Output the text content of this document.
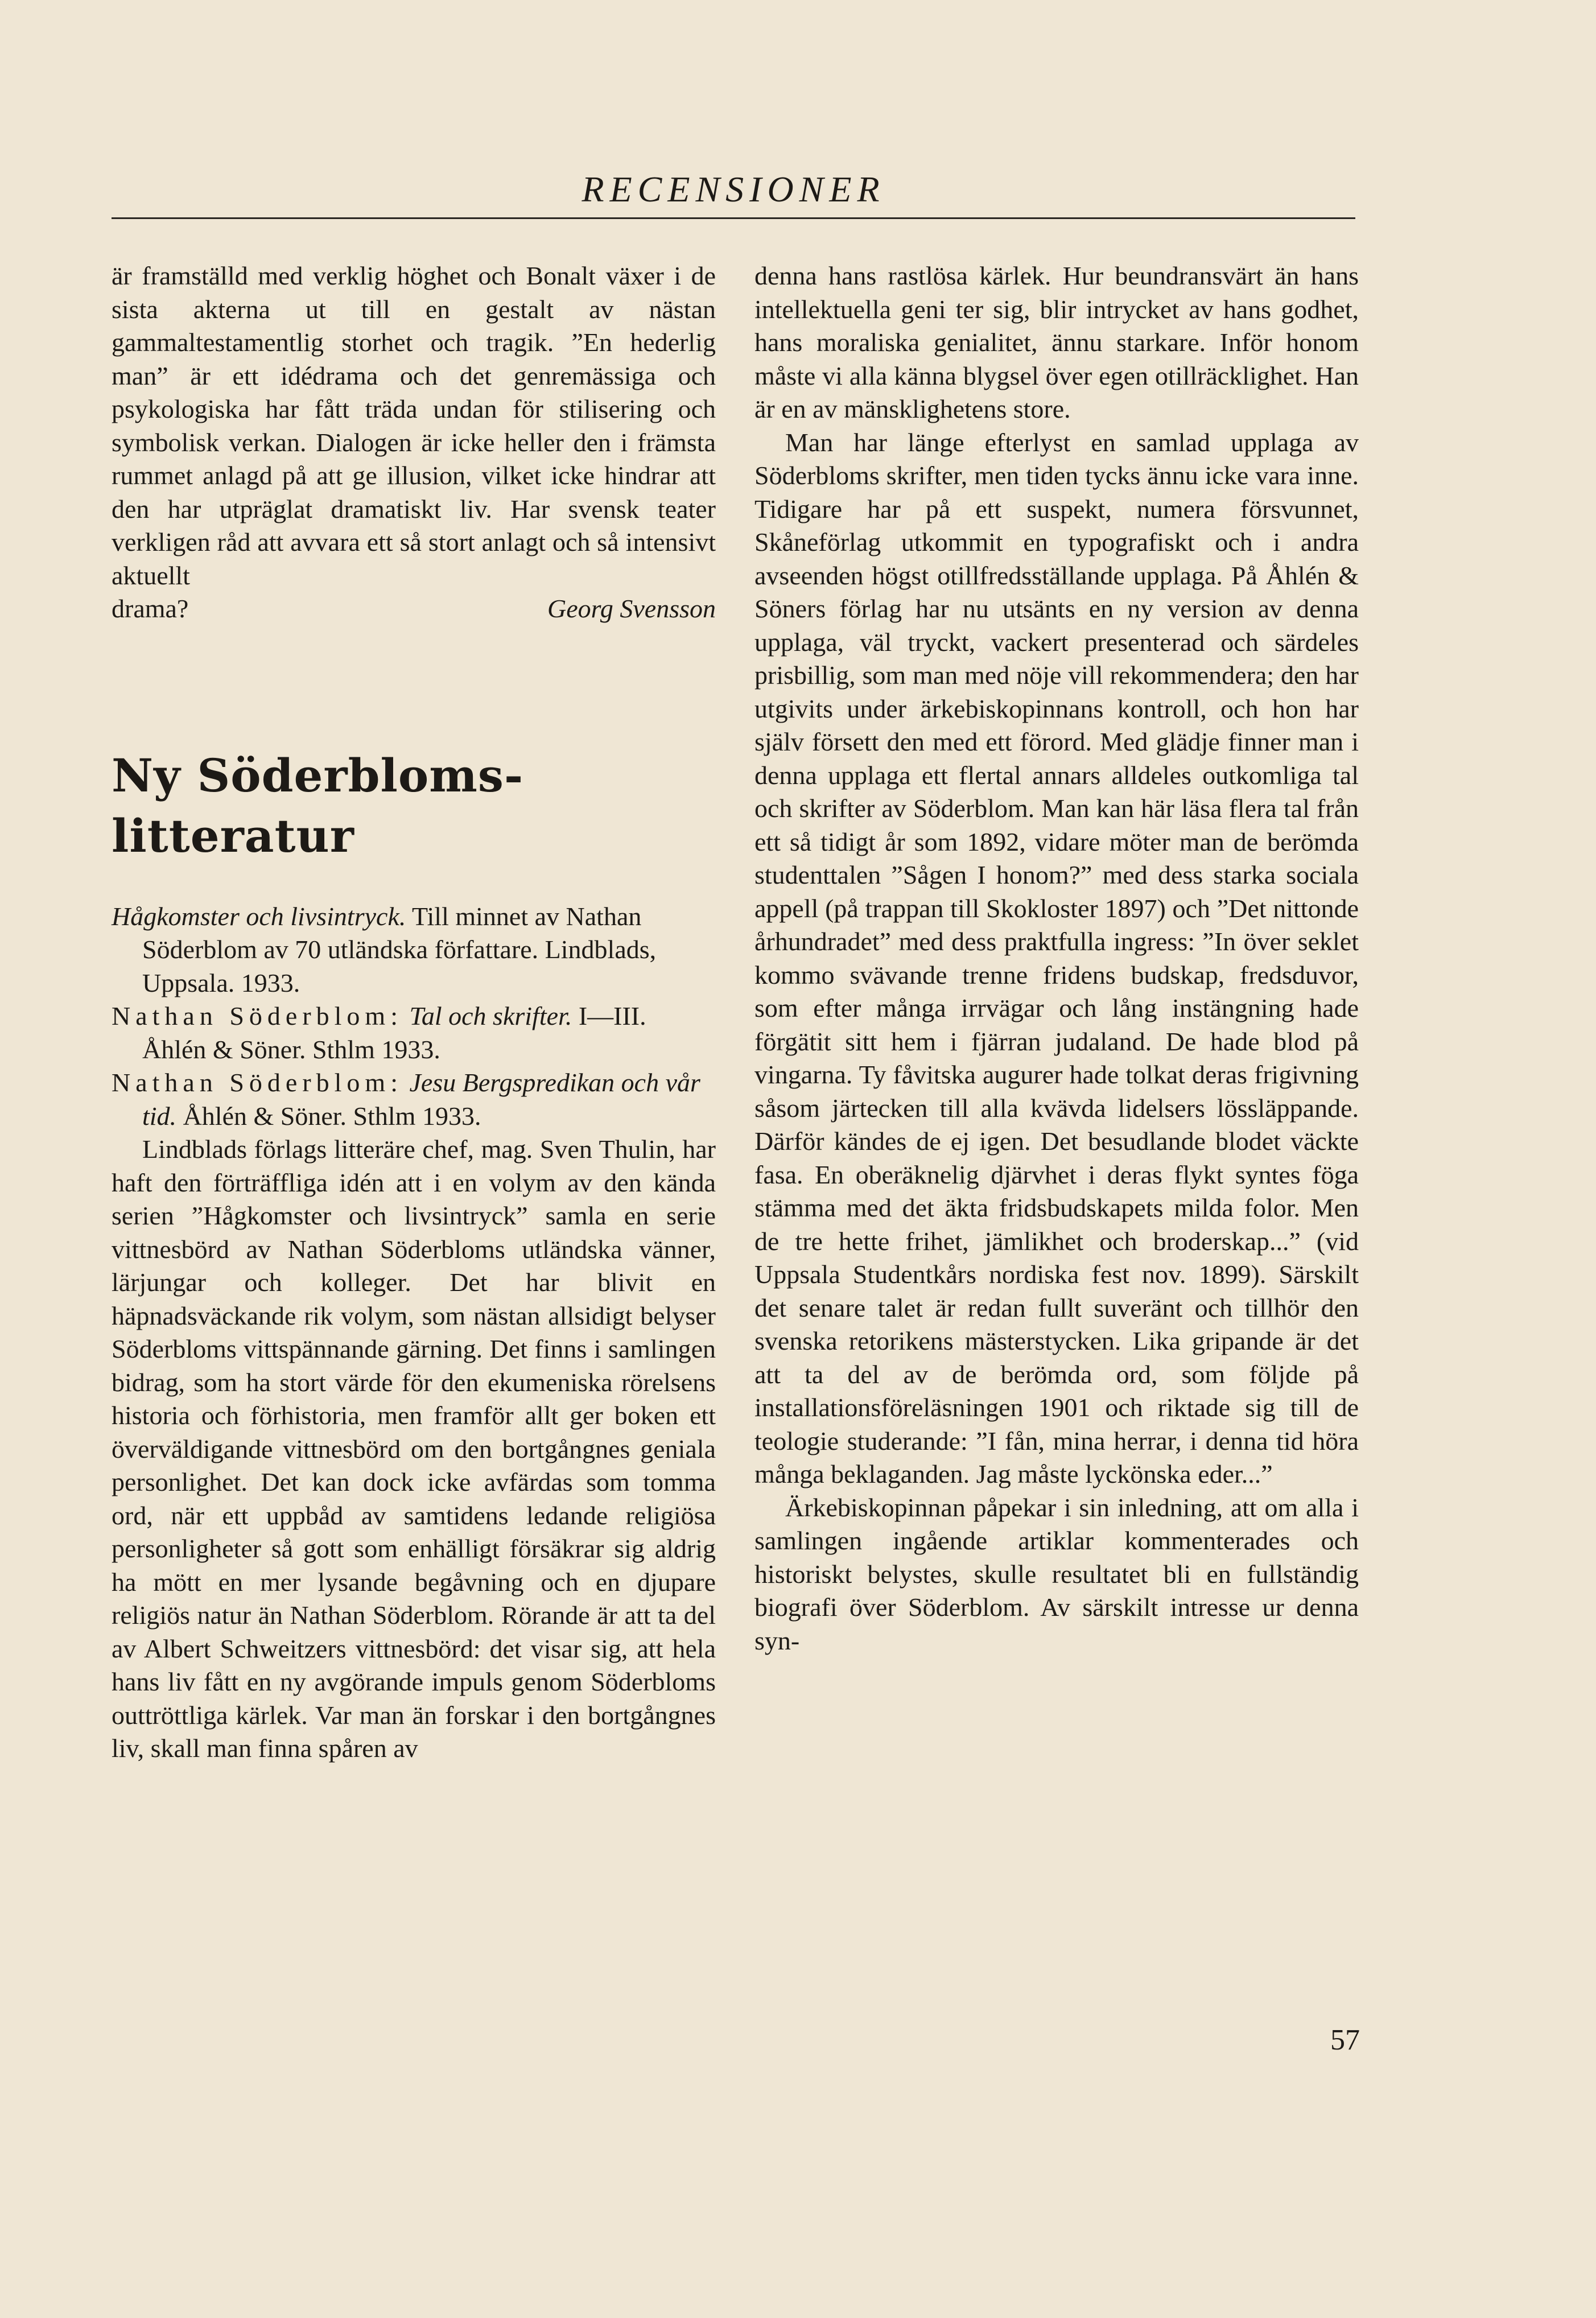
RECENSIONER

är framställd med verklig höghet och Bonalt växer i de sista akterna ut till en gestalt av nästan gammaltestamentlig storhet och tragik. ”En hederlig man” är ett idédrama och det genremässiga och psykologiska har fått träda undan för stilisering och symbolisk verkan. Dialogen är icke heller den i främsta rummet anlagd på att ge illusion, vilket icke hindrar att den har utpräglat dramatiskt liv. Har svensk teater verkligen råd att avvara ett så stort anlagt och så intensivt aktuellt

drama?	Georg Svensson
Ny Söderbloms-litteratur

Hågkomster och livsintryck. Till minnet av Nathan Söderblom av 70 utländska författare. Lindblads, Uppsala. 1933.

Nathan Söderblom: Tal och skrifter. I—III. Åhlén & Söner. Sthlm 1933.

Nathan Söderblom: Jesu Bergspredikan och vår tid. Åhlén & Söner. Sthlm 1933.

Lindblads förlags litteräre chef, mag. Sven Thulin, har haft den förträffliga idén att i en volym av den kända serien ”Hågkomster och livsintryck” samla en serie vittnesbörd av Nathan Söderbloms utländska vänner, lärjungar och kolleger. Det har blivit en häpnadsväckande rik volym, som nästan allsidigt belyser Söderbloms vittspännande gärning. Det finns i samlingen bidrag, som ha stort värde för den ekumeniska rörelsens historia och förhistoria, men framför allt ger boken ett överväldigande vittnesbörd om den bortgångnes geniala personlighet. Det kan dock icke avfärdas som tomma ord, när ett uppbåd av samtidens ledande religiösa personligheter så gott som enhälligt försäkrar sig aldrig ha mött en mer lysande begåvning och en djupare religiös natur än Nathan Söderblom. Rörande är att ta del av Albert Schweitzers vittnesbörd: det visar sig, att hela hans liv fått en ny avgörande impuls genom Söderbloms outtröttliga kärlek. Var man än forskar i den bortgångnes liv, skall man finna spåren av

denna hans rastlösa kärlek. Hur beundransvärt än hans intellektuella geni ter sig, blir intrycket av hans godhet, hans moraliska genialitet, ännu starkare. Inför honom måste vi alla känna blygsel över egen otillräcklighet. Han är en av mänsklighetens store.

Man har länge efterlyst en samlad upplaga av Söderbloms skrifter, men tiden tycks ännu icke vara inne. Tidigare har på ett suspekt, numera försvunnet, Skåneförlag utkommit en typografiskt och i andra avseenden högst otillfredsställande upplaga. På Åhlén & Söners förlag har nu utsänts en ny version av denna upplaga, väl tryckt, vackert presenterad och särdeles prisbillig, som man med nöje vill rekommendera; den har utgivits under ärkebiskopinnans kontroll, och hon har själv försett den med ett förord. Med glädje finner man i denna upplaga ett flertal annars alldeles outkomliga tal och skrifter av Söderblom. Man kan här läsa flera tal från ett så tidigt år som 1892, vidare möter man de berömda studenttalen ”Sågen I honom?” med dess starka sociala appell (på trappan till Skokloster 1897) och ”Det nittonde århundradet” med dess praktfulla ingress: ”In över seklet kommo svävande trenne fridens budskap, fredsduvor, som efter många irrvägar och lång instängning hade förgätit sitt hem i fjärran judaland. De hade blod på vingarna. Ty fåvitska augurer hade tolkat deras frigivning såsom järtecken till alla kvävda lidelsers lössläppande. Därför kändes de ej igen. Det besudlande blodet väckte fasa. En oberäknelig djärvhet i deras flykt syntes föga stämma med det äkta fridsbudskapets milda folor. Men de tre hette frihet, jämlikhet och broderskap...” (vid Uppsala Studentkårs nordiska fest nov. 1899). Särskilt det senare talet är redan fullt suveränt och tillhör den svenska retorikens mästerstycken. Lika gripande är det att ta del av de berömda ord, som följde på installationsföreläsningen 1901 och riktade sig till de teologie studerande: ”I fån, mina herrar, i denna tid höra många beklaganden. Jag måste lyckönska eder...”

Ärkebiskopinnan påpekar i sin inledning, att om alla i samlingen ingående artiklar kommenterades och historiskt belystes, skulle resultatet bli en fullständig biografi över Söderblom. Av särskilt intresse ur denna syn-

57
